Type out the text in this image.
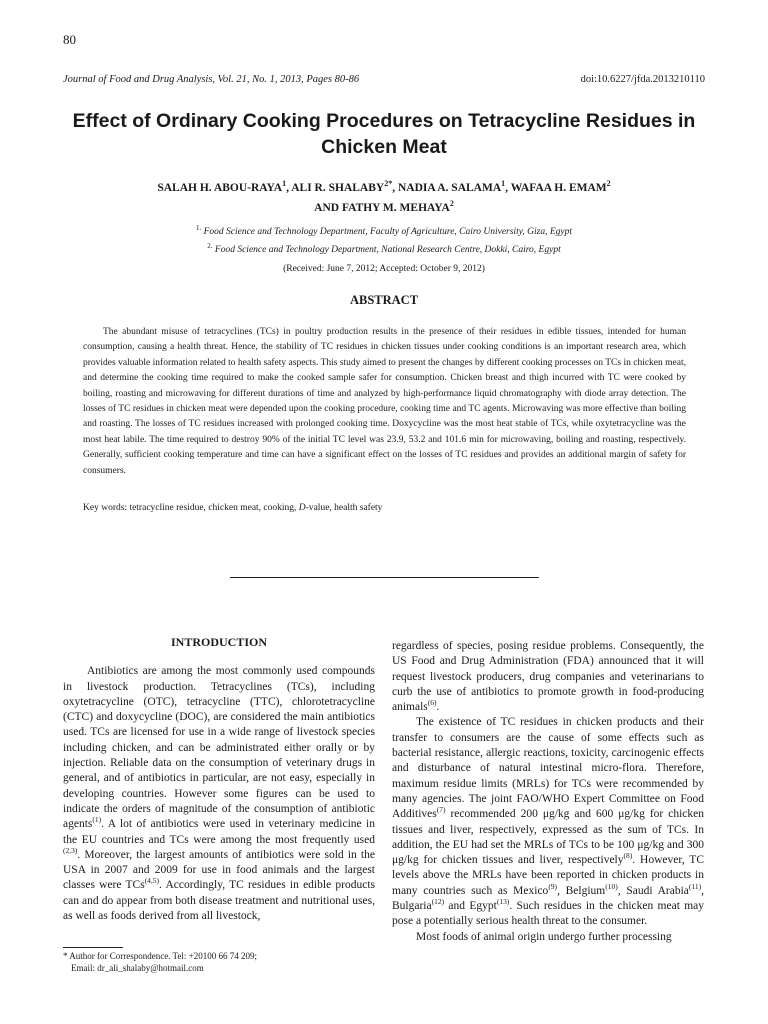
80
Journal of Food and Drug Analysis, Vol. 21, No. 1, 2013, Pages 80-86	doi:10.6227/jfda.2013210110
Effect of Ordinary Cooking Procedures on Tetracycline Residues in Chicken Meat
SALAH H. ABOU-RAYA$^1$, ALI R. $SHALABY^{2*}$, NADIA A. SALAMA$^1$, WAFAA H. EMAM$^2$
AND FATHY M. MEHAYA$^2$
$^{1.}$ Food Science and Technology Department, Faculty of Agriculture, Cairo University, Giza, Egypt
$^{2.}$ Food Science and Technology Department, National Research Centre, Dokki, Cairo, Egypt
(Received: June 7, 2012; Accepted: October 9, 2012)
ABSTRACT

The abundant misuse of tetracyclines (TCs) in poultry production results in the presence of their residues in edible tissues, intended for human consumption, causing a health threat. Hence, the stability of TC residues in chicken tissues under cooking conditions is an important research area, which provides valuable information related to health safety aspects. This study aimed to present the changes by different cooking processes on TCs in chicken meat, and determine the cooking time required to make the cooked sample safer for consumption. Chicken breast and thigh incurred with TC were cooked by boiling, roasting and microwaving for different durations of time and analyzed by high-performance liquid chromatography with diode array detection. The losses of TC residues in chicken meat were depended upon the cooking procedure, cooking time and TC agents. Microwaving was more effective than boiling and roasting. The losses of TC residues increased with prolonged cooking time. Doxycycline was the most heat stable of TCs, while oxytetracycline was the most heat labile. The time required to destroy 90% of the initial TC level was 23.9, 53.2 and 101.6 min for microwaving, boiling and roasting, respectively. Generally, sufficient cooking temperature and time can have a significant effect on the losses of TC residues and provides an additional margin of safety for consumers.

Key words: tetracycline residue, chicken meat, cooking, D-value, health safety

INTRODUCTION

Antibiotics are among the most commonly used compounds in livestock production. Tetracyclines (TCs), including oxytetracycline (OTC), tetracycline (TTC), chlorotetracycline (CTC) and doxycycline (DOC), are considered the main antibiotics used. TCs are licensed for use in a wide range of livestock species including chicken, and can be administrated either orally or by injection. Reliable data on the consumption of veterinary drugs in general, and of antibiotics in particular, are not easy, especially in developing countries. However some figures can be used to indicate the orders of magnitude of the consumption of antibiotic agents$^{(1)}$. A lot of antibiotics were used in veterinary medicine in the EU countries and TCs were among the most frequently used $^{(2,3)}$. Moreover, the largest amounts of antibiotics were sold in the USA in 2007 and 2009 for use in food animals and the largest classes were TCs$^{(4,5)}$. Accordingly, TC residues in edible products can and do appear from both disease treatment and nutritional uses, as well as foods derived from all livestock,

regardless of species, posing residue problems. Consequently, the US Food and Drug Administration (FDA) announced that it will request livestock producers, drug companies and veterinarians to curb the use of antibiotics to promote growth in food-producing animals$^{(6)}$.

The existence of TC residues in chicken products and their transfer to consumers are the cause of some effects such as bacterial resistance, allergic reactions, toxicity, carcinogenic effects and disturbance of natural intestinal micro-flora. Therefore, maximum residue limits (MRLs) for TCs were recommended by many agencies. The joint FAO/WHO Expert Committee on Food Additives$^{(7)}$ recommended 200 μg/kg and 600 μg/kg for chicken tissues and liver, respectively, expressed as the sum of TCs. In addition, the EU had set the MRLs of TCs to be 100 μg/kg and 300 μg/kg for chicken tissues and liver, respectively$^{(8)}$. However, TC levels above the MRLs have been reported in chicken products in many countries such as Mexico$^{(9)}$, Belgium$^{(10)}$, Saudi Arabia$^{(11)}$, Bulgaria$^{(12)}$ and Egypt$^{(13)}$. Such residues in the chicken meat may pose a potentially serious health threat to the consumer.

Most foods of animal origin undergo further processing

* Author for Correspondence. Tel: +20100 66 74 209;
Email: dr_ali_shalaby@hotmail.com
